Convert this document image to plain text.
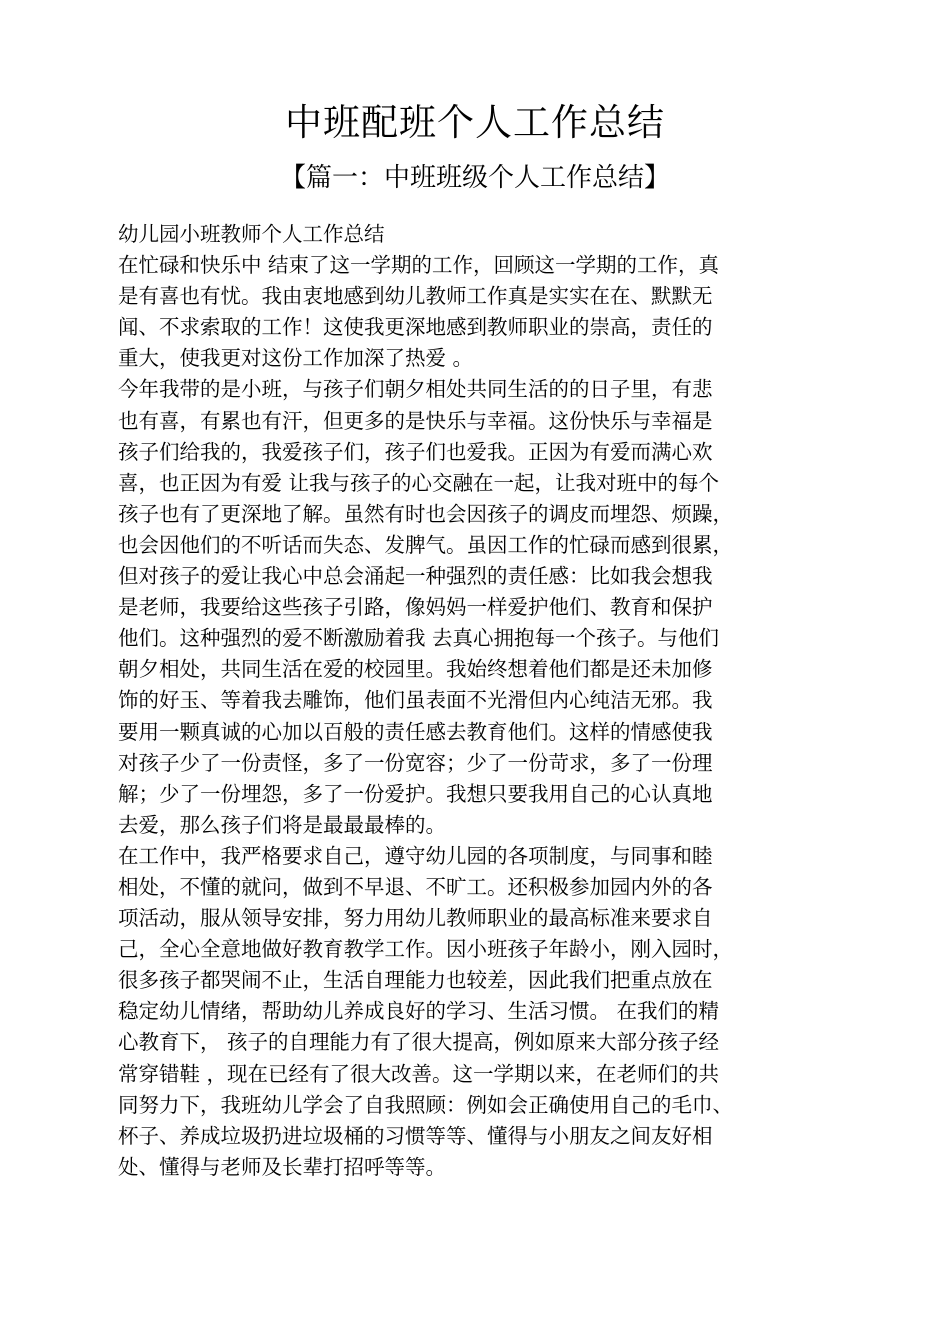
中班配班个人工作总结
【篇一：中班班级个人工作总结】
幼儿园小班教师个人工作总结
在忙碌和快乐中 结束了这一学期的工作，回顾这一学期的工作，真
是有喜也有忧。我由衷地感到幼儿教师工作真是实实在在、默默无
闻、不求索取的工作！这使我更深地感到教师职业的崇高，责任的
重大，使我更对这份工作加深了热爱 。
今年我带的是小班，与孩子们朝夕相处共同生活的的日子里，有悲
也有喜，有累也有汗，但更多的是快乐与幸福。这份快乐与幸福是
孩子们给我的，我爱孩子们，孩子们也爱我。正因为有爱而满心欢
喜，也正因为有爱 让我与孩子的心交融在一起，让我对班中的每个
孩子也有了更深地了解。虽然有时也会因孩子的调皮而埋怨、烦躁，
也会因他们的不听话而失态、发脾气。虽因工作的忙碌而感到很累，
但对孩子的爱让我心中总会涌起一种强烈的责任感：比如我会想我
是老师，我要给这些孩子引路，像妈妈一样爱护他们、教育和保护
他们。这种强烈的爱不断激励着我 去真心拥抱每一个孩子。与他们
朝夕相处，共同生活在爱的校园里。我始终想着他们都是还未加修
饰的好玉、等着我去雕饰，他们虽表面不光滑但内心纯洁无邪。我
要用一颗真诚的心加以百般的责任感去教育他们。这样的情感使我
对孩子少了一份责怪，多了一份宽容；少了一份苛求，多了一份理
解；少了一份埋怨，多了一份爱护。我想只要我用自己的心认真地
去爱，那么孩子们将是最最最棒的。
在工作中，我严格要求自己，遵守幼儿园的各项制度，与同事和睦
相处，不懂的就问，做到不早退、不旷工。还积极参加园内外的各
项活动，服从领导安排，努力用幼儿教师职业的最高标准来要求自
己，全心全意地做好教育教学工作。因小班孩子年龄小，刚入园时，
很多孩子都哭闹不止，生活自理能力也较差，因此我们把重点放在
稳定幼儿情绪，帮助幼儿养成良好的学习、生活习惯。 在我们的精
心教育下， 孩子的自理能力有了很大提高，例如原来大部分孩子经
常穿错鞋 ，现在已经有了很大改善。这一学期以来，在老师们的共
同努力下，我班幼儿学会了自我照顾：例如会正确使用自己的毛巾、
杯子、养成垃圾扔进垃圾桶的习惯等等、懂得与小朋友之间友好相
处、懂得与老师及长辈打招呼等等。
